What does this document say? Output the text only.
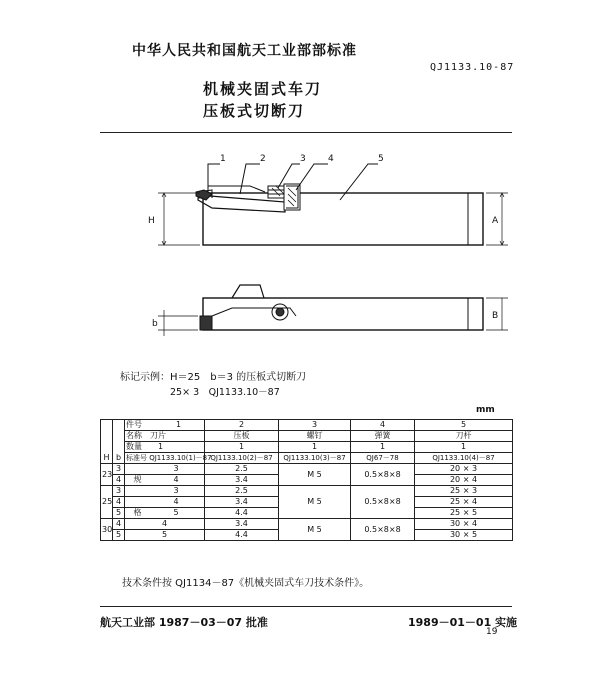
中华人民共和国航天工业部部标准
QJ1133.10-87
机械夹固式车刀
压板式切断刀
1	2	3 4	5
H	A
b
B
标记示例：H＝25　b＝3 的压板式切断刀
25× 3　QJ1133.10－87
mm
		件号	2	3	4	5
		名称　 刀片	压板	螺钉	弹簧	刀杆
		数量　　 1	1	1	1	1
H	b	标准号 QJ1133.10(1)－87	QJ1133.10(2)－87	QJ1133.10(3)－87	QJ67－78	QJ1133.10(4)－87
23	3	3	2.5	M 5	0.5×8×8	20 × 3
	4	规 4	3.4			20 × 4
25	3	3	2.5	M 5	0.5×8×8	25 × 3
	4	4	3.4			25 × 4
	5	格 5	4.4			25 × 5
30	4	4	3.4	M 5	0.5×8×8	30 × 4
	5	5	4.4			30 × 5
1
技术条件按 QJ1134－87《机械夹固式车刀技术条件》。
航天工业部 1987－03－07 批准	1989－01－01 实施
19
